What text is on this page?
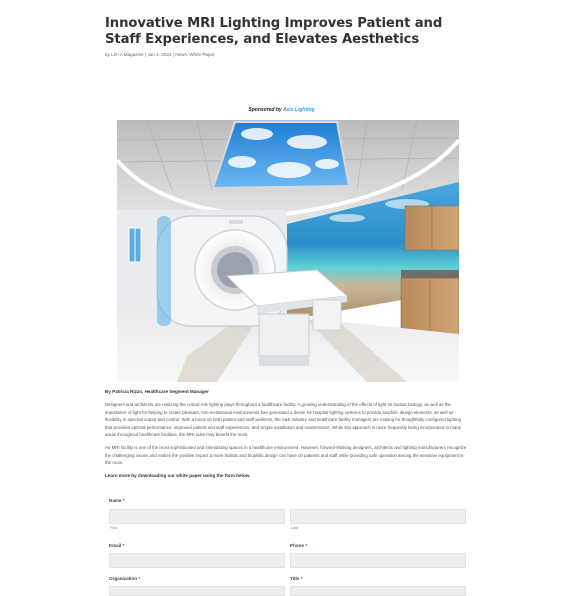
Innovative MRI Lighting Improves Patient and Staff Experiences, and Elevates Aesthetics
by LD+A Magazine | Jun 2, 2023 | News, White Paper
Sponsored by Axis Lighting
By Patricia Rizzo, Healthcare Segment Manager

Designers and architects are realizing the critical role lighting plays throughout a healthcare facility. A growing understanding of the effects of light on human biology, as well as the importance of light for helping to create pleasant, non-institutional environments has generated a desire for hospital lighting systems to provide biophilic design elements, as well as flexibility in spectral output and control. With a focus on both patient and staff wellness, the A&E industry and healthcare facility managers are looking for thoughtfully configured lighting that provides optimal performance, improved patient and staff experiences, and simple installation and maintenance. While this approach is more frequently being incorporated in many areas throughout healthcare facilities, the MRI suite may benefit the most.

An MRI facility is one of the most sophisticated and intimidating spaces in a healthcare environment. However, forward-thinking designers, architects and lighting manufacturers recognize the challenging issues and realize the positive impact a more holistic and biophilic design can have on patients and staff while providing safe operation among the sensitive equipment in the room.

Learn more by downloading our white paper using the form below.
Name *
First	Last
Email *	Phone *
Organization *	Title *
